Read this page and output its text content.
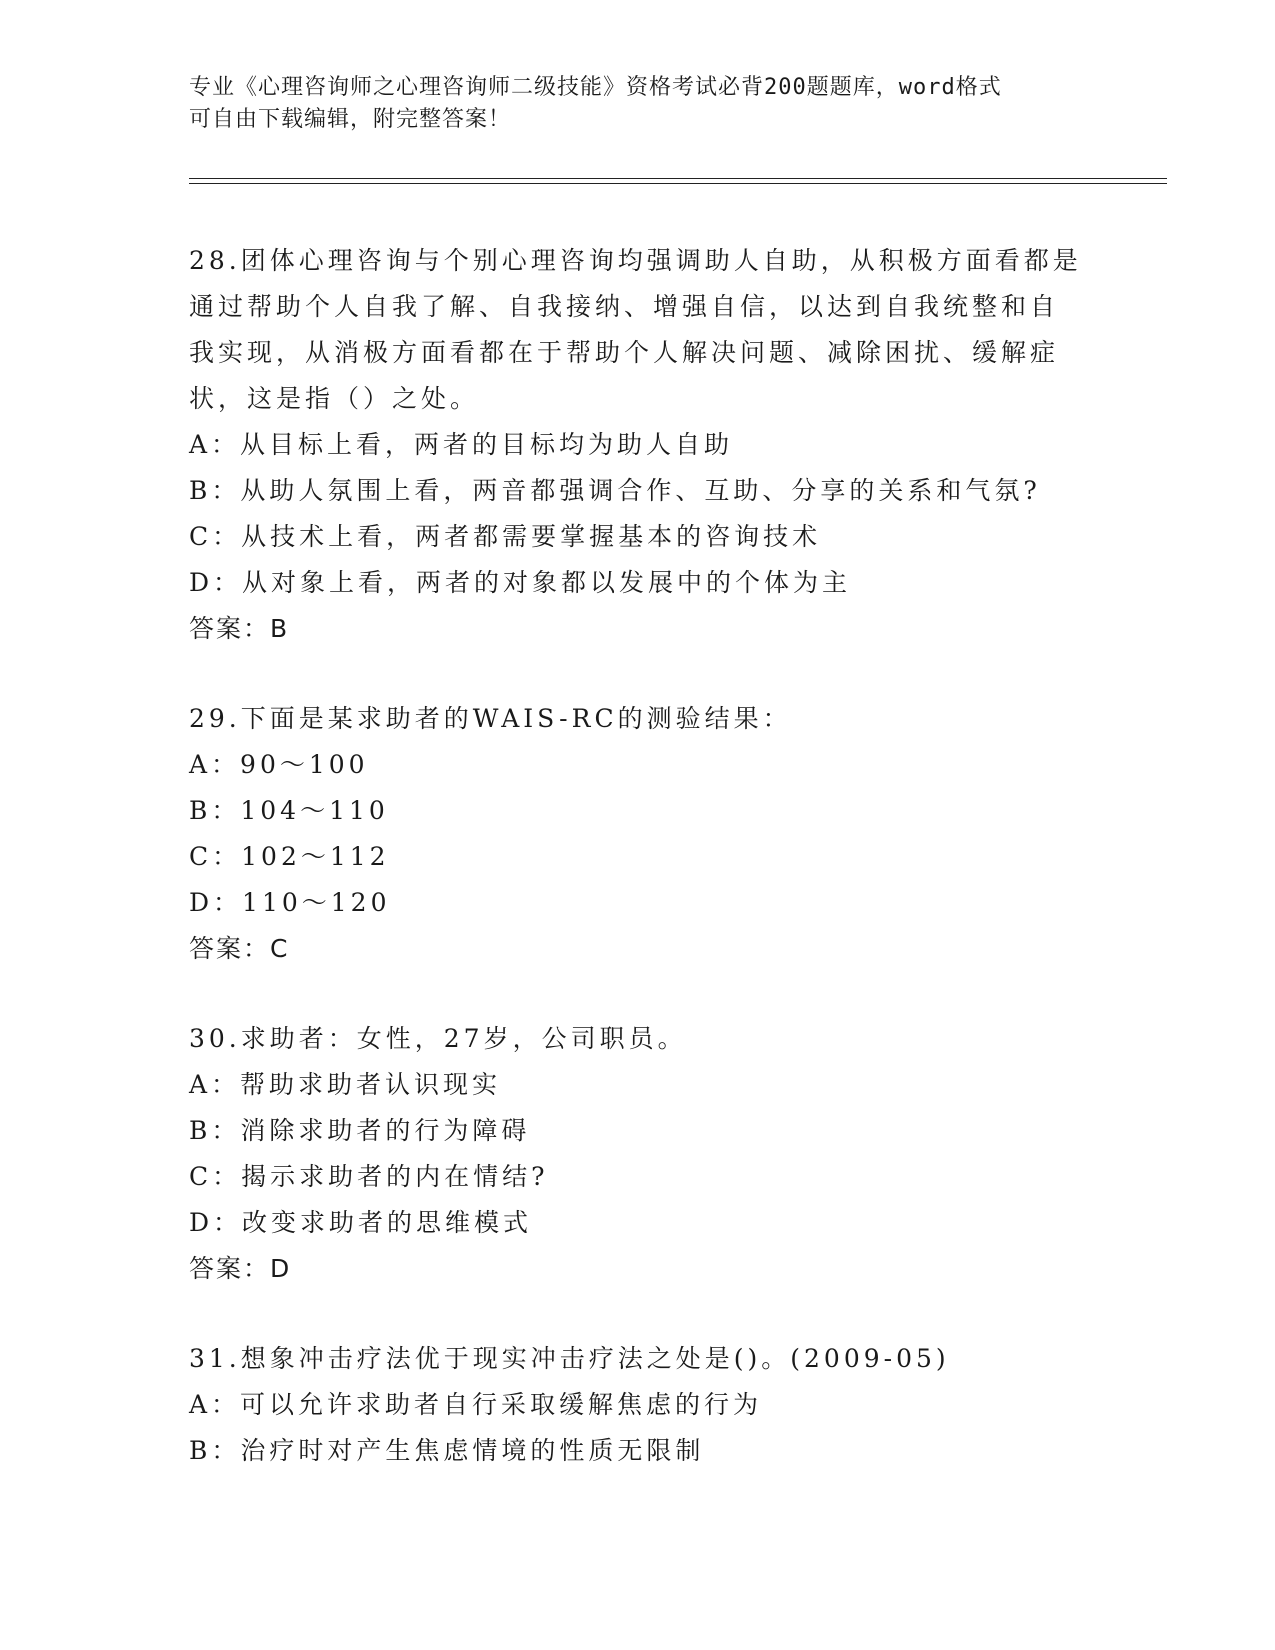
专业《心理咨询师之心理咨询师二级技能》资格考试必背200题题库，word格式
可自由下载编辑，附完整答案！
28.团体心理咨询与个别心理咨询均强调助人自助，从积极方面看都是
通过帮助个人自我了解、自我接纳、增强自信，以达到自我统整和自
我实现，从消极方面看都在于帮助个人解决问题、减除困扰、缓解症
状，这是指（）之处。
A：从目标上看，两者的目标均为助人自助
B：从助人氛围上看，两音都强调合作、互助、分享的关系和气氛?
C：从技术上看，两者都需要掌握基本的咨询技术
D：从对象上看，两者的对象都以发展中的个体为主
答案：B
29.下面是某求助者的WAIS-RC的测验结果：
A：90～100
B：104～110
C：102～112
D：110～120
答案：C
30.求助者：女性，27岁，公司职员。
A：帮助求助者认识现实
B：消除求助者的行为障碍
C：揭示求助者的内在情结?
D：改变求助者的思维模式
答案：D
31.想象冲击疗法优于现实冲击疗法之处是()。(2009-05)
A：可以允许求助者自行采取缓解焦虑的行为
B：治疗时对产生焦虑情境的性质无限制
